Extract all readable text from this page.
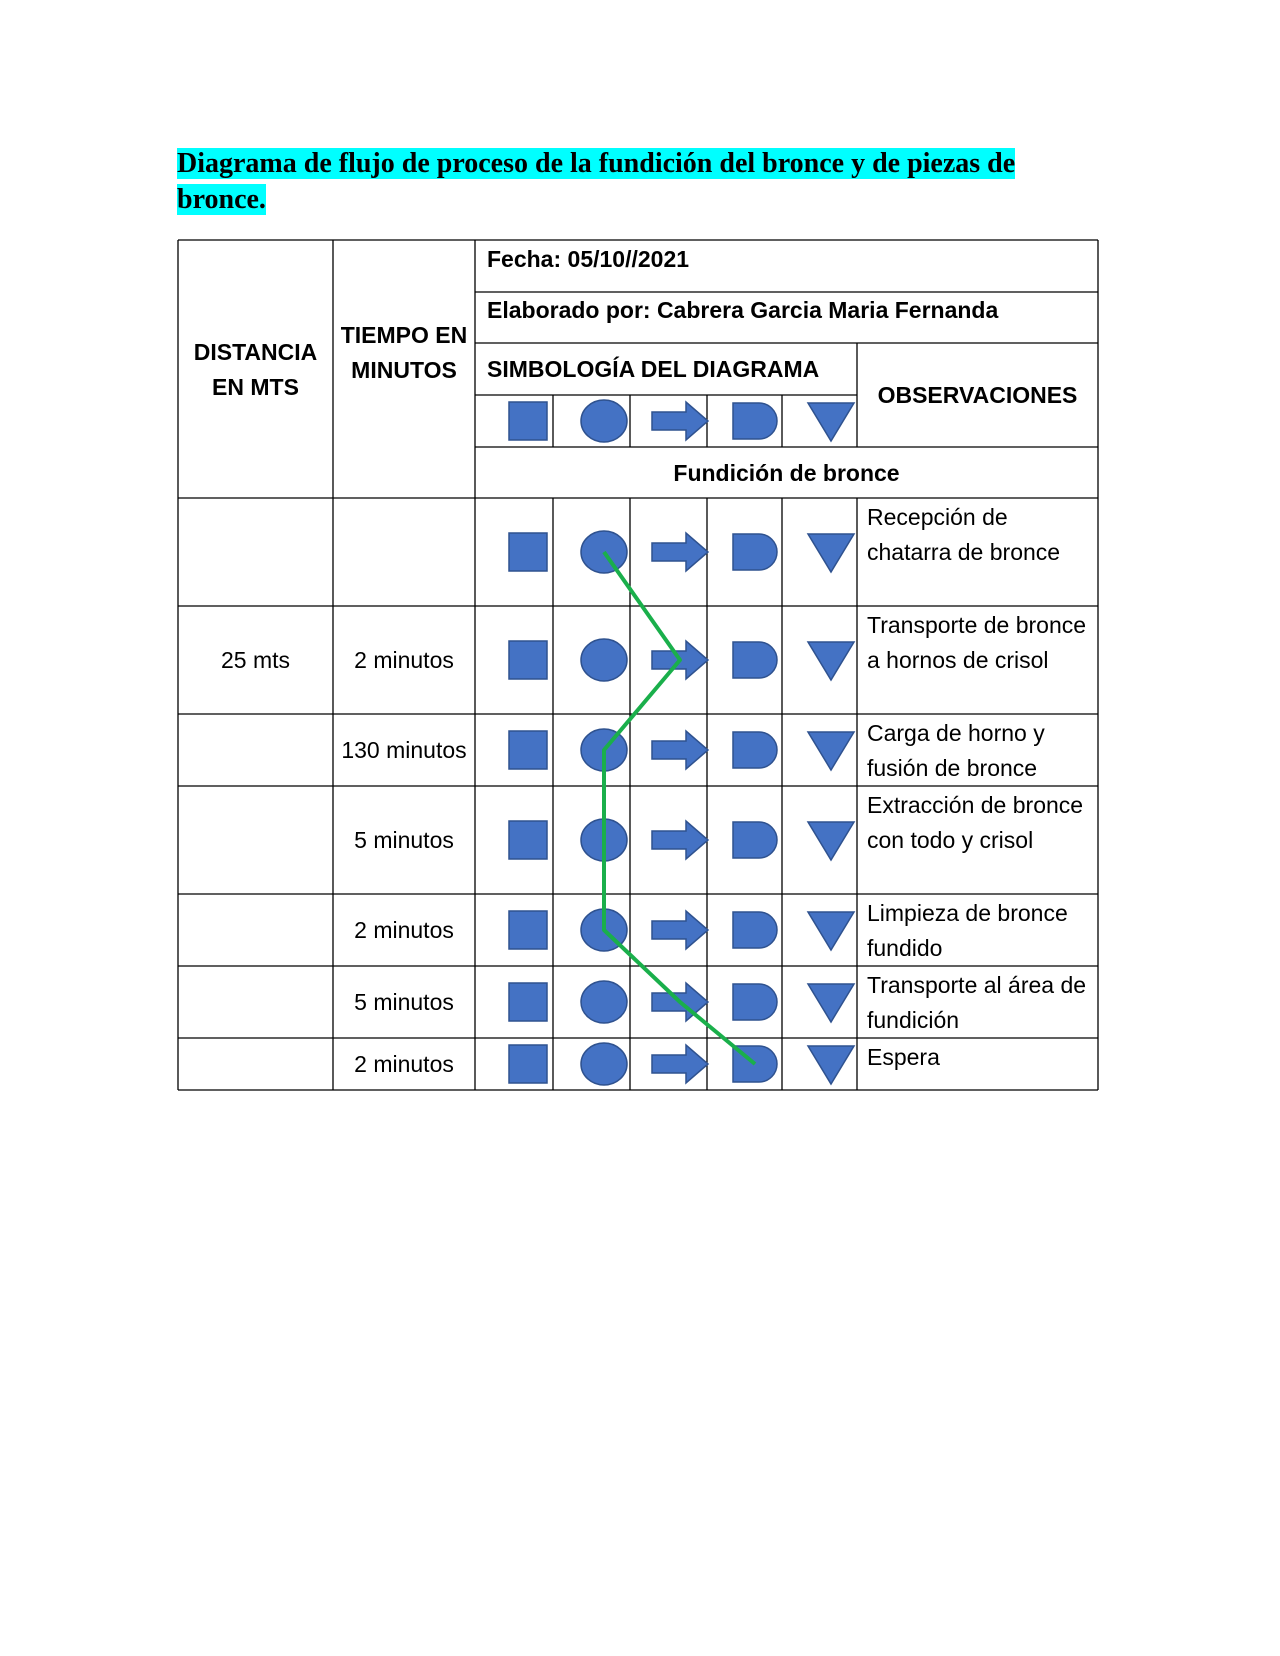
Diagrama de flujo de proceso de la fundición del bronce y de piezas de bronce.
DISTANCIA EN MTS
TIEMPO EN MINUTOS
Fecha: 05/10//2021
Elaborado por: Cabrera Garcia Maria Fernanda
SIMBOLOGÍA DEL DIAGRAMA
OBSERVACIONES
Fundición de bronce
Recepción de chatarra de bronce
25 mts	2 minutos
Transporte de bronce a hornos de crisol
130 minutos
Carga de horno y fusión de bronce
5 minutos
Extracción de bronce con todo y crisol
2 minutos
Limpieza de bronce fundido
5 minutos
Transporte al área de fundición
2 minutos	Espera
